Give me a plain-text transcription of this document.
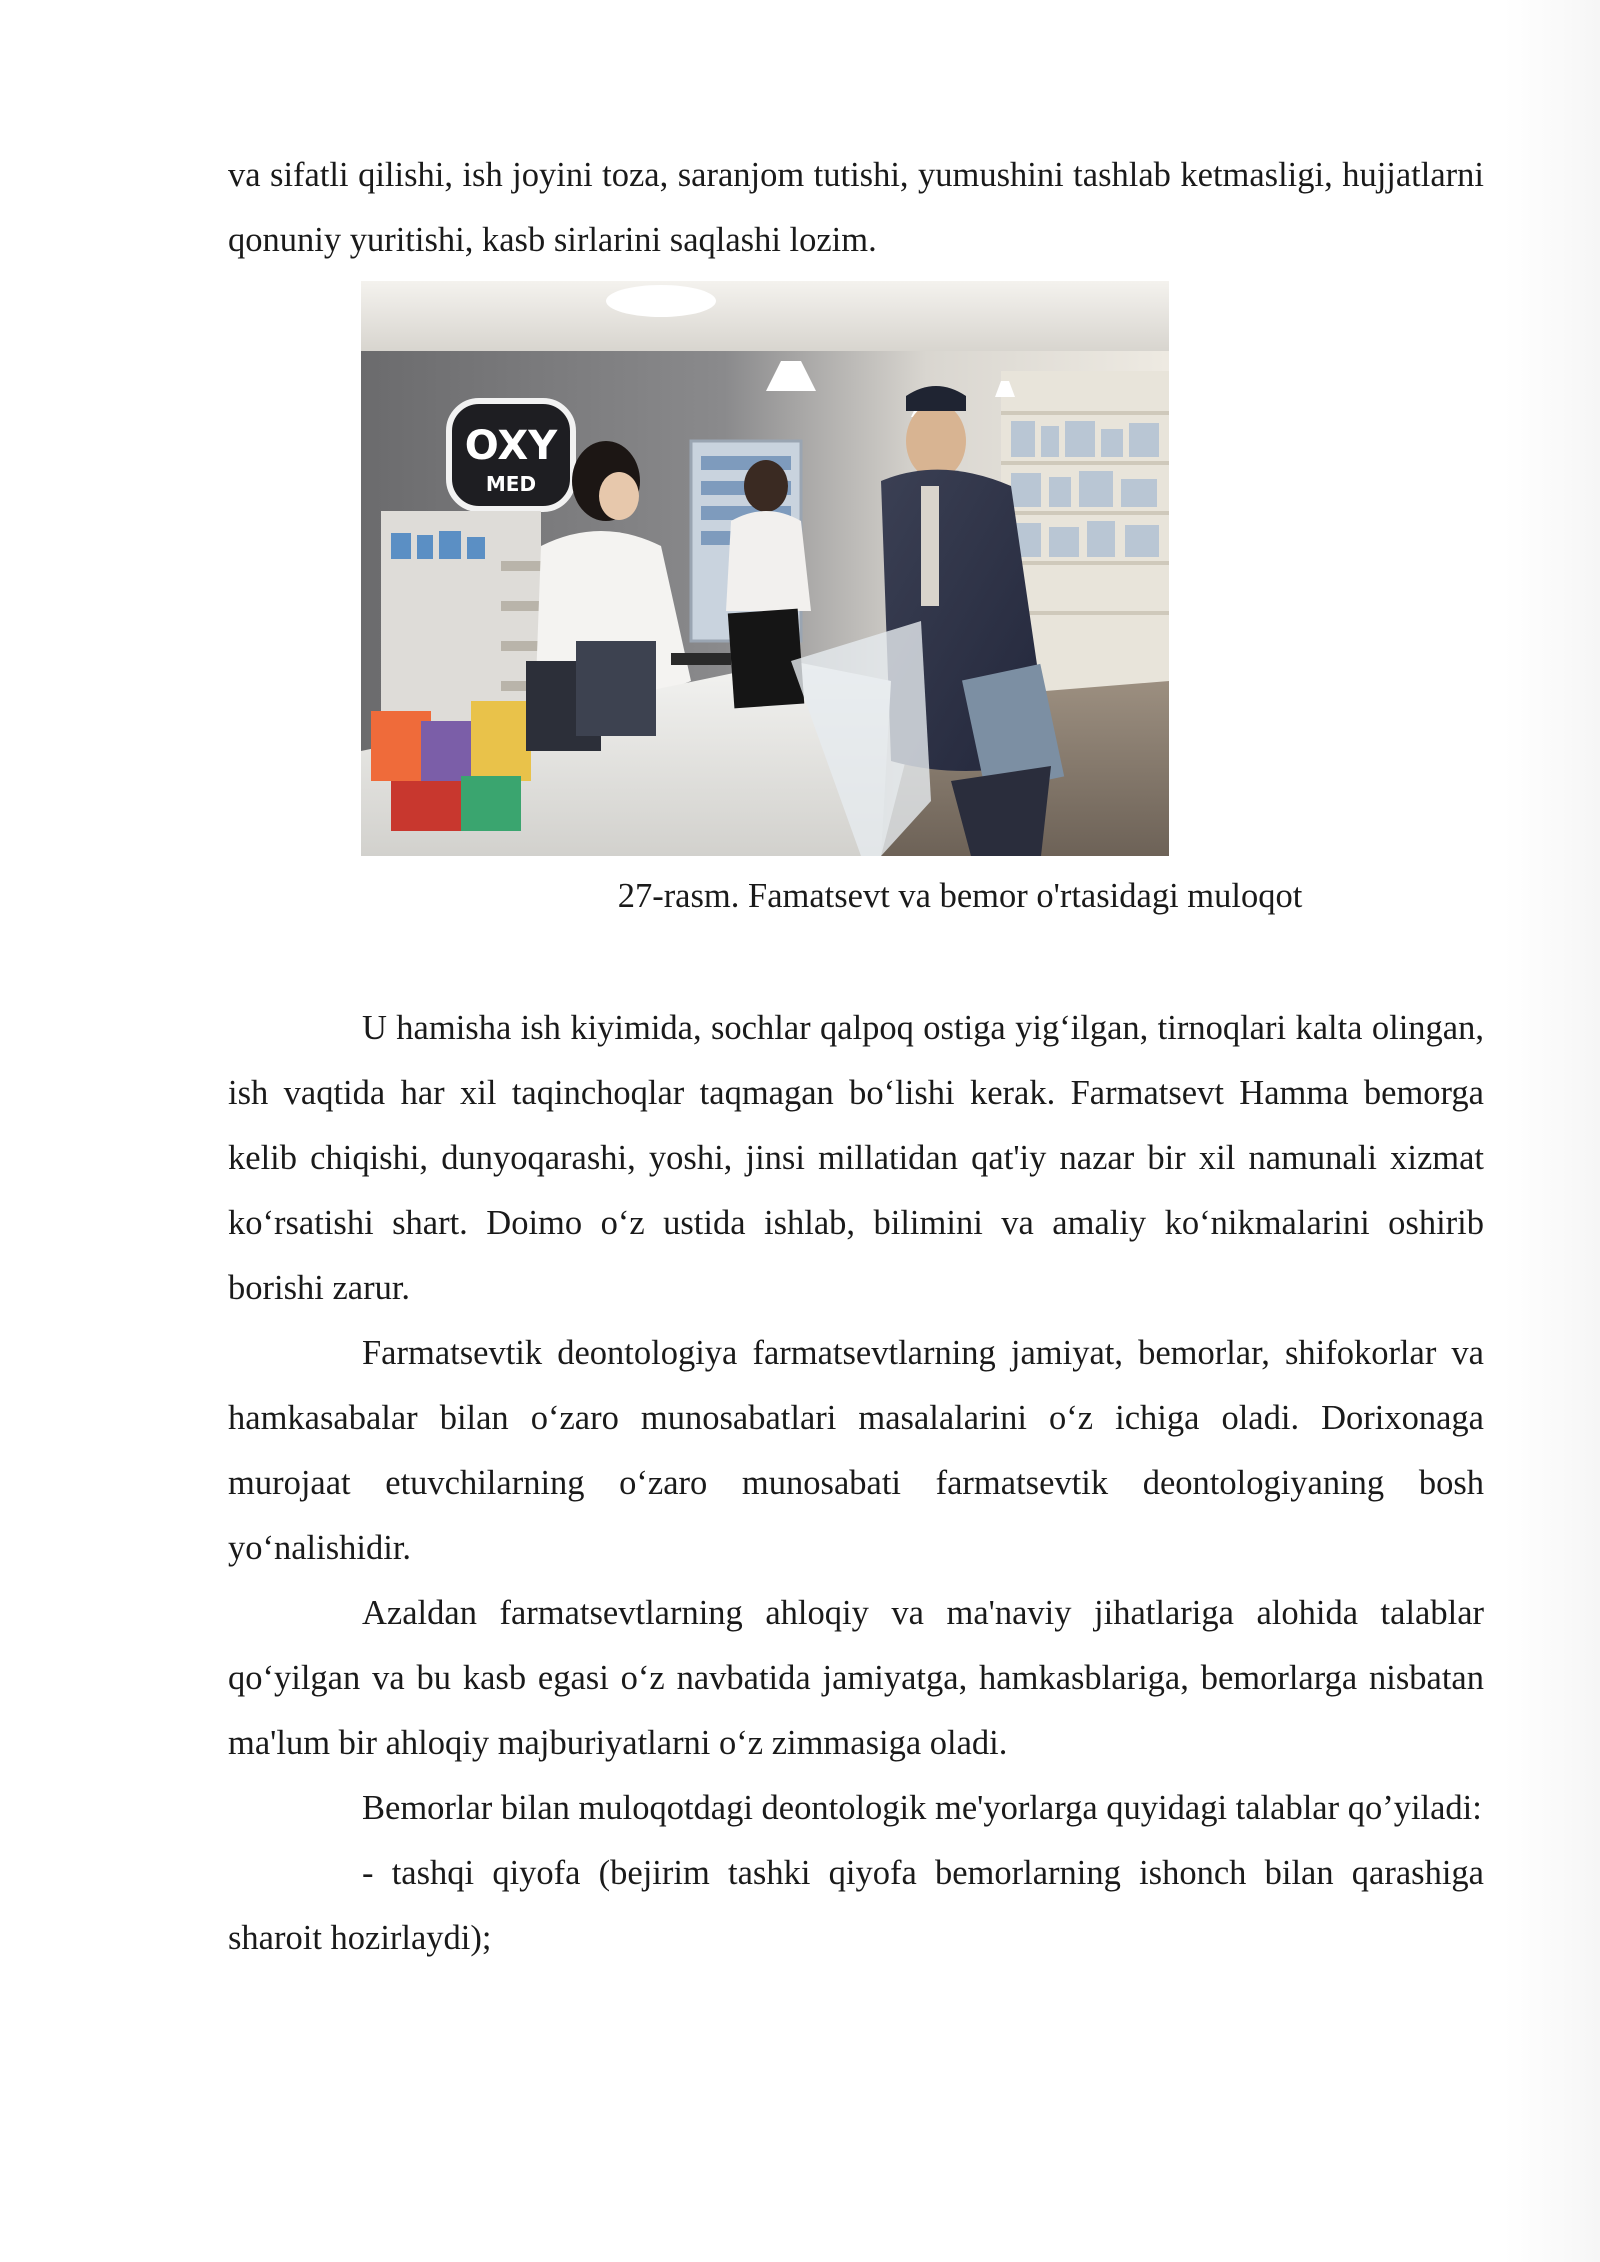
va sifatli qilishi, ish joyini toza, saranjom tutishi, yumushini tashlab ketmasligi, hujjatlarni qonuniy yuritishi, kasb sirlarini saqlashi lozim.

OXY
MED
27-rasm. Famatsevt va bemor o'rtasidagi muloqot

U hamisha ish kiyimida, sochlar qalpoq ostiga yig‘ilgan, tirnoqlari kalta olingan, ish vaqtida har xil taqinchoqlar taqmagan bo‘lishi kerak. Farmatsevt Hamma bemorga kelib chiqishi, dunyoqarashi, yoshi, jinsi millatidan qat'iy nazar bir xil namunali xizmat ko‘rsatishi shart. Doimo o‘z ustida ishlab, bilimini va amaliy ko‘nikmalarini oshirib borishi zarur.

Farmatsevtik deontologiya farmatsevtlarning jamiyat, bemorlar, shifokorlar va hamkasabalar bilan o‘zaro munosabatlari masalalarini o‘z ichiga oladi. Dorixonaga murojaat etuvchilarning o‘zaro munosabati farmatsevtik deontologiyaning bosh yo‘nalishidir.

Azaldan farmatsevtlarning ahloqiy va ma'naviy jihatlariga alohida talablar qo‘yilgan va bu kasb egasi o‘z navbatida jamiyatga, hamkasblariga, bemorlarga nisbatan ma'lum bir ahloqiy majburiyatlarni o‘z zimmasiga oladi.

Bemorlar bilan muloqotdagi deontologik me'yorlarga quyidagi talablar qo’yiladi:

- tashqi qiyofa (bejirim tashki qiyofa bemorlarning ishonch bilan qarashiga sharoit hozirlaydi);
